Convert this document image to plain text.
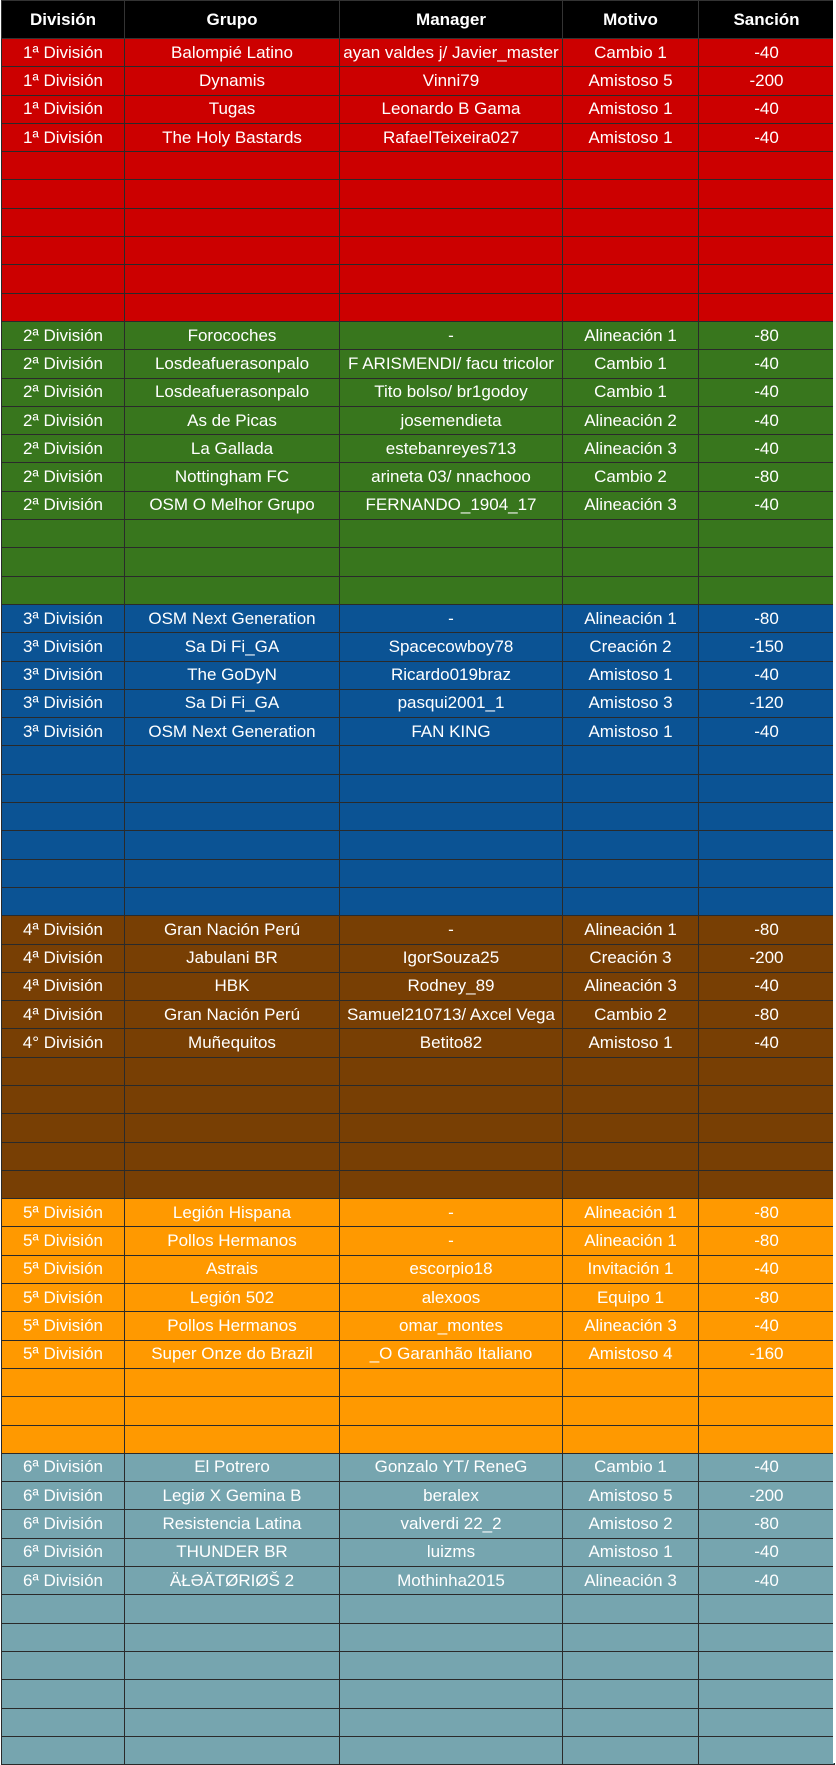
División	Grupo	Manager	Motivo	Sanción
1ª División	Balompié Latino	ayan valdes j/ Javier_master	Cambio 1	-40
1ª División	Dynamis	Vinni79	Amistoso 5	-200
1ª División	Tugas	Leonardo B Gama	Amistoso 1	-40
1ª División	The Holy Bastards	RafaelTeixeira027	Amistoso 1	-40

2ª División	Forocoches	-	Alineación 1	-80
2ª División	Losdeafuerasonpalo	F ARISMENDI/ facu tricolor	Cambio 1	-40
2ª División	Losdeafuerasonpalo	Tito bolso/ br1godoy	Cambio 1	-40
2ª División	As de Picas	josemendieta	Alineación 2	-40
2ª División	La Gallada	estebanreyes713	Alineación 3	-40
2ª División	Nottingham FC	arineta 03/ nnachooo	Cambio 2	-80
2ª División	OSM O Melhor Grupo	FERNANDO_1904_17	Alineación 3	-40

3ª División	OSM Next Generation	-	Alineación 1	-80
3ª División	Sa Di Fi_GA	Spacecowboy78	Creación 2	-150
3ª División	The GoDyN	Ricardo019braz	Amistoso 1	-40
3ª División	Sa Di Fi_GA	pasqui2001_1	Amistoso 3	-120
3ª División	OSM Next Generation	FAN KING	Amistoso 1	-40

4ª División	Gran Nación Perú	-	Alineación 1	-80
4ª División	Jabulani BR	IgorSouza25	Creación 3	-200
4ª División	HBK	Rodney_89	Alineación 3	-40
4ª División	Gran Nación Perú	Samuel210713/ Axcel Vega	Cambio 2	-80
4° División	Muñequitos	Betito82	Amistoso 1	-40

5ª División	Legión Hispana	-	Alineación 1	-80
5ª División	Pollos Hermanos	-	Alineación 1	-80
5ª División	Astrais	escorpio18	Invitación 1	-40
5ª División	Legión 502	alexoos	Equipo 1	-80
5ª División	Pollos Hermanos	omar_montes	Alineación 3	-40
5ª División	Super Onze do Brazil	_O Garanhão Italiano	Amistoso 4	-160

6ª División	El Potrero	Gonzalo YT/ ReneG	Cambio 1	-40
6ª División	Legiø X Gemina B	beralex	Amistoso 5	-200
6ª División	Resistencia Latina	valverdi 22_2	Amistoso 2	-80
6ª División	THUNDER BR	luizms	Amistoso 1	-40
6ª División	ÄŁƏÄTØRIØŠ 2	Mothinha2015	Alineación 3	-40
